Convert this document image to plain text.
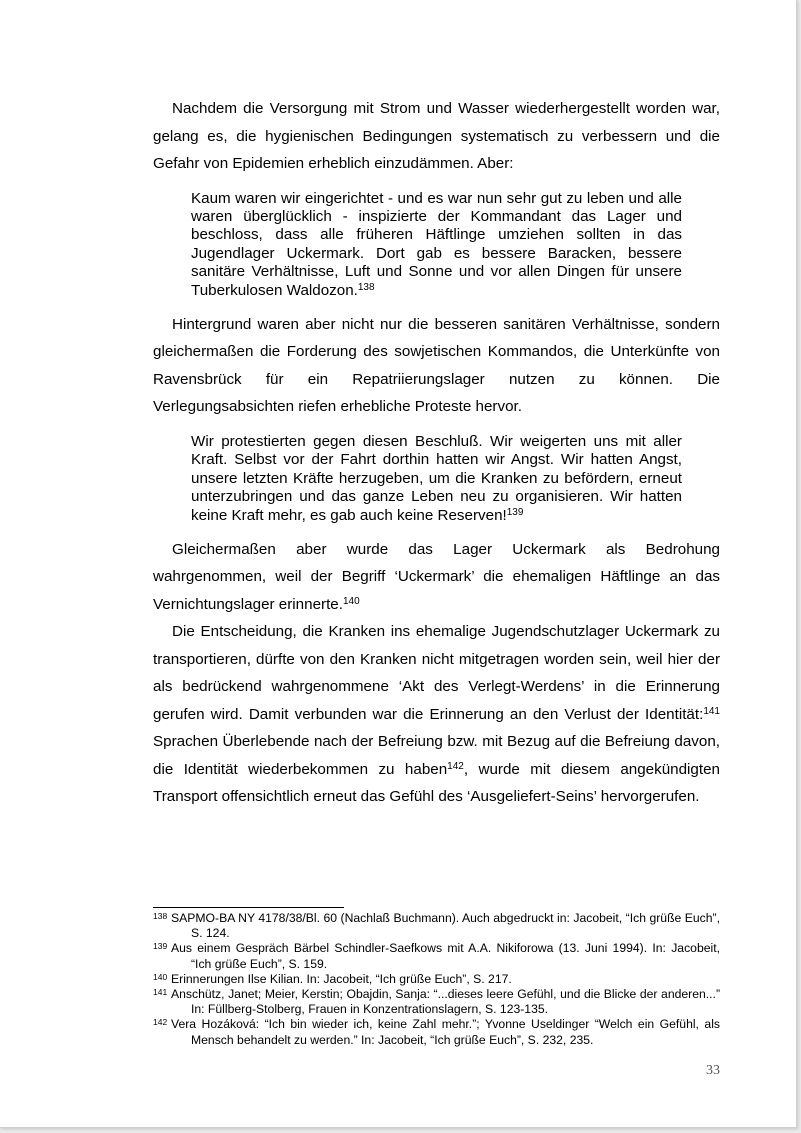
Nachdem die Versorgung mit Strom und Wasser wiederhergestellt worden war, gelang es, die hygienischen Bedingungen systematisch zu verbessern und die Gefahr von Epidemien erheblich einzudämmen. Aber:

Kaum waren wir eingerichtet - und es war nun sehr gut zu leben und alle waren überglücklich - inspizierte der Kommandant das Lager und beschloss, dass alle früheren Häftlinge umziehen sollten in das Jugendlager Uckermark. Dort gab es bessere Baracken, bessere sanitäre Verhältnisse, Luft und Sonne und vor allen Dingen für unsere Tuberkulosen Waldozon.$^{138}$

Hintergrund waren aber nicht nur die besseren sanitären Verhältnisse, sondern gleichermaßen die Forderung des sowjetischen Kommandos, die Unterkünfte von Ravensbrück für ein Repatriierungslager nutzen zu können. Die Verlegungsabsichten riefen erhebliche Proteste hervor.

Wir protestierten gegen diesen Beschluß. Wir weigerten uns mit aller Kraft. Selbst vor der Fahrt dorthin hatten wir Angst. Wir hatten Angst, unsere letzten Kräfte herzugeben, um die Kranken zu befördern, erneut unterzubringen und das ganze Leben neu zu organisieren. Wir hatten keine Kraft mehr, es gab auch keine Reserven!$^{139}$

Gleichermaßen aber wurde das Lager Uckermark als Bedrohung wahrgenommen, weil der Begriff ‘Uckermark’ die ehemaligen Häftlinge an das Vernichtungslager erinnerte.$^{140}$

Die Entscheidung, die Kranken ins ehemalige Jugendschutzlager Uckermark zu transportieren, dürfte von den Kranken nicht mitgetragen worden sein, weil hier der als bedrückend wahrgenommene ‘Akt des Verlegt-Werdens’ in die Erinnerung gerufen wird. Damit verbunden war die Erinnerung an den Verlust der Identität:$^{141}$ Sprachen Überlebende nach der Befreiung bzw. mit Bezug auf die Befreiung davon, die Identität wiederbekommen zu haben$^{142}$, wurde mit diesem angekündigten Transport offensichtlich erneut das Gefühl des ‘Ausgeliefert-Seins’ hervorgerufen.

138 SAPMO-BA NY 4178/38/Bl. 60 (Nachlaß Buchmann). Auch abgedruckt in: Jacobeit, “Ich grüße Euch”, S. 124.

139 Aus einem Gespräch Bärbel Schindler-Saefkows mit A.A. Nikiforowa (13. Juni 1994). In: Jacobeit, “Ich grüße Euch”, S. 159.

140 Erinnerungen Ilse Kilian. In: Jacobeit, “Ich grüße Euch”, S. 217.

141 Anschütz, Janet; Meier, Kerstin; Obajdin, Sanja: “...dieses leere Gefühl, und die Blicke der anderen...” In: Füllberg-Stolberg, Frauen in Konzentrationslagern, S. 123-135.

142 Vera Hozáková: “Ich bin wieder ich, keine Zahl mehr.”; Yvonne Useldinger “Welch ein Gefühl, als Mensch behandelt zu werden.” In: Jacobeit, “Ich grüße Euch”, S. 232, 235.

33
